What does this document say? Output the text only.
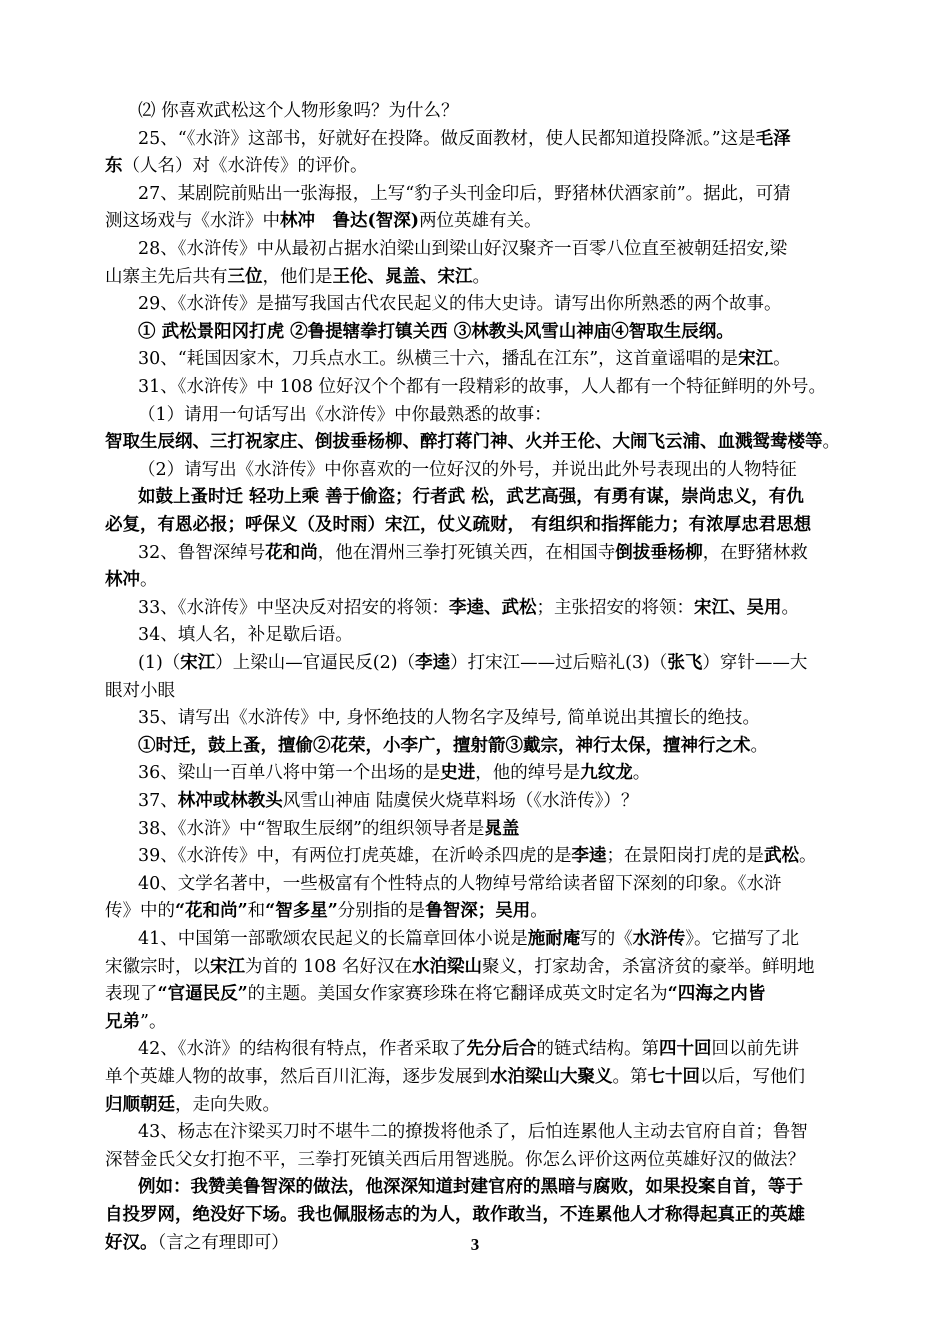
⑵ 你喜欢武松这个人物形象吗？为什么？
25、“《水浒》这部书，好就好在投降。做反面教材，使人民都知道投降派。”这是毛泽
东（人名）对《水浒传》的评价。
27、某剧院前贴出一张海报，上写“豹子头刊金印后，野猪林伏酒家前”。据此，可猜
测这场戏与《水浒》中林冲　鲁达(智深)两位英雄有关。
28、《水浒传》中从最初占据水泊梁山到梁山好汉聚齐一百零八位直至被朝廷招安,梁
山寨主先后共有三位，他们是王伦、晁盖、宋江。
29、《水浒传》是描写我国古代农民起义的伟大史诗。请写出你所熟悉的两个故事。
① 武松景阳冈打虎 ②鲁提辖拳打镇关西 ③林教头风雪山神庙④智取生辰纲。
30、“耗国因家木，刀兵点水工。纵横三十六，播乱在江东”，这首童谣唱的是宋江。
31、《水浒传》中 108 位好汉个个都有一段精彩的故事，人人都有一个特征鲜明的外号。
（1）请用一句话写出《水浒传》中你最熟悉的故事：
智取生辰纲、三打祝家庄、倒拔垂杨柳、醉打蒋门神、火并王伦、大闹飞云浦、血溅鸳鸯楼等。
（2）请写出《水浒传》中你喜欢的一位好汉的外号，并说出此外号表现出的人物特征
如鼓上蚤时迁 轻功上乘 善于偷盗；行者武 松，武艺高强，有勇有谋，崇尚忠义，有仇
必复，有恩必报；呼保义（及时雨）宋江，仗义疏财， 有组织和指挥能力；有浓厚忠君思想
32、鲁智深绰号花和尚，他在渭州三拳打死镇关西，在相国寺倒拔垂杨柳，在野猪林救
林冲。
33、《水浒传》中坚决反对招安的将领：李逵、武松；主张招安的将领：宋江、吴用。
34、填人名，补足歇后语。
(1)（宋江）上梁山—官逼民反(2)（李逵）打宋江——过后赔礼(3)（张飞）穿针——大
眼对小眼
35、请写出《水浒传》中, 身怀绝技的人物名字及绰号, 简单说出其擅长的绝技。
①时迁，鼓上蚤，擅偷②花荣，小李广，擅射箭③戴宗，神行太保，擅神行之术。
36、梁山一百单八将中第一个出场的是史进，他的绰号是九纹龙。
37、林冲或林教头风雪山神庙 陆虞侯火烧草料场（《水浒传》）？
38、《水浒》中“智取生辰纲”的组织领导者是晁盖
39、《水浒传》中，有两位打虎英雄，在沂岭杀四虎的是李逵；在景阳岗打虎的是武松。
40、文学名著中，一些极富有个性特点的人物绰号常给读者留下深刻的印象。《水浒
传》中的“花和尚”和“智多星”分别指的是鲁智深；吴用。
41、中国第一部歌颂农民起义的长篇章回体小说是施耐庵写的《水浒传》。它描写了北
宋徽宗时，以宋江为首的 108 名好汉在水泊梁山聚义，打家劫舍，杀富济贫的豪举。鲜明地
表现了“官逼民反”的主题。美国女作家赛珍珠在将它翻译成英文时定名为“四海之内皆
兄弟”。
42、《水浒》的结构很有特点，作者采取了先分后合的链式结构。第四十回回以前先讲
单个英雄人物的故事，然后百川汇海，逐步发展到水泊梁山大聚义。第七十回以后，写他们
归顺朝廷，走向失败。
43、杨志在汴梁买刀时不堪牛二的撩拨将他杀了，后怕连累他人主动去官府自首；鲁智
深替金氏父女打抱不平，三拳打死镇关西后用智逃脱。你怎么评价这两位英雄好汉的做法？
例如：我赞美鲁智深的做法，他深深知道封建官府的黑暗与腐败，如果投案自首，等于
自投罗网，绝没好下场。我也佩服杨志的为人，敢作敢当，不连累他人才称得起真正的英雄
好汉。（言之有理即可）	3
